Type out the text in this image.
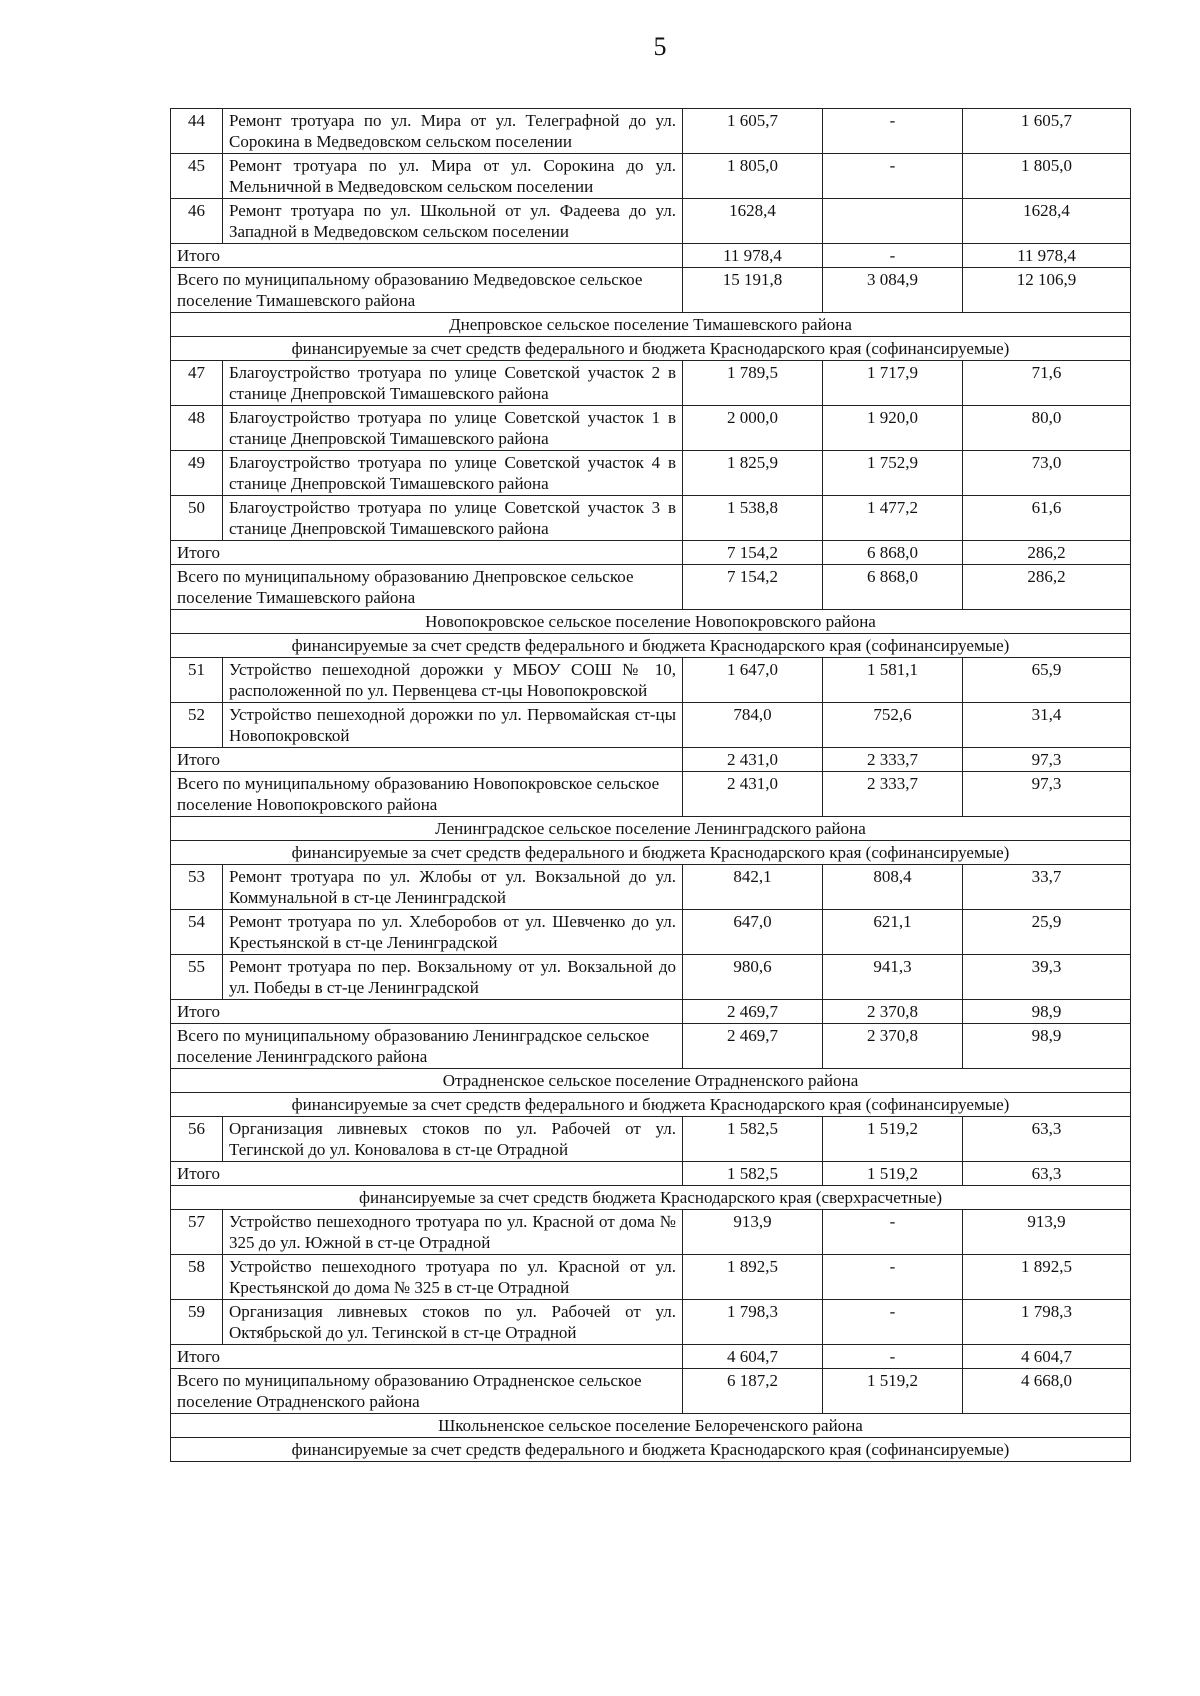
5
44	Ремонт тротуара по ул. Мира от ул. Телеграфной до ул. Сорокина в Медведовском сельском поселении	1 605,7	-	1 605,7
45	Ремонт тротуара по ул. Мира от ул. Сорокина до ул. Мельничной в Медведовском сельском поселении	1 805,0	-	1 805,0
46	Ремонт тротуара по ул. Школьной от ул. Фадеева до ул. Западной в Медведовском сельском поселении	1628,4		1628,4
Итого		11 978,4	-	11 978,4
Всего по муниципальному образованию Медведовское сельское поселение Тимашевского района		15 191,8	3 084,9	12 106,9
Днепровское сельское поселение Тимашевского района				
финансируемые за счет средств федерального и бюджета Краснодарского края (софинансируемые)				
47	Благоустройство тротуара по улице Советской участок 2 в станице Днепровской Тимашевского района	1 789,5	1 717,9	71,6
48	Благоустройство тротуара по улице Советской участок 1 в станице Днепровской Тимашевского района	2 000,0	1 920,0	80,0
49	Благоустройство тротуара по улице Советской участок 4 в станице Днепровской Тимашевского района	1 825,9	1 752,9	73,0
50	Благоустройство тротуара по улице Советской участок 3 в станице Днепровской Тимашевского района	1 538,8	1 477,2	61,6
Итого		7 154,2	6 868,0	286,2
Всего по муниципальному образованию Днепровское сельское поселение Тимашевского района		7 154,2	6 868,0	286,2
Новопокровское сельское поселение Новопокровского района				
финансируемые за счет средств федерального и бюджета Краснодарского края (софинансируемые)				
51	Устройство пешеходной дорожки у МБОУ СОШ № 10, расположенной по ул. Первенцева ст-цы Новопокровской	1 647,0	1 581,1	65,9
52	Устройство пешеходной дорожки по ул. Первомайская ст-цы Новопокровской	784,0	752,6	31,4
Итого		2 431,0	2 333,7	97,3
Всего по муниципальному образованию Новопокровское сельское поселение Новопокровского района		2 431,0	2 333,7	97,3
Ленинградское сельское поселение Ленинградского района				
финансируемые за счет средств федерального и бюджета Краснодарского края (софинансируемые)				
53	Ремонт тротуара по ул. Жлобы от ул. Вокзальной до ул. Коммунальной в ст-це Ленинградской	842,1	808,4	33,7
54	Ремонт тротуара по ул. Хлеборобов от ул. Шевченко до ул. Крестьянской в ст-це Ленинградской	647,0	621,1	25,9
55	Ремонт тротуара по пер. Вокзальному от ул. Вокзальной до ул. Победы в ст-це Ленинградской	980,6	941,3	39,3
Итого		2 469,7	2 370,8	98,9
Всего по муниципальному образованию Ленинградское сельское поселение Ленинградского района		2 469,7	2 370,8	98,9
Отрадненское сельское поселение Отрадненского района				
финансируемые за счет средств федерального и бюджета Краснодарского края (софинансируемые)				
56	Организация ливневых стоков по ул. Рабочей от ул. Тегинской до ул. Коновалова в ст-це Отрадной	1 582,5	1 519,2	63,3
Итого		1 582,5	1 519,2	63,3
финансируемые за счет средств бюджета Краснодарского края (сверхрасчетные)				
57	Устройство пешеходного тротуара по ул. Красной от дома № 325 до ул. Южной в ст-це Отрадной	913,9	-	913,9
58	Устройство пешеходного тротуара по ул. Красной от ул. Крестьянской до дома № 325 в ст-це Отрадной	1 892,5	-	1 892,5
59	Организация ливневых стоков по ул. Рабочей от ул. Октябрьской до ул. Тегинской в ст-це Отрадной	1 798,3	-	1 798,3
Итого		4 604,7	-	4 604,7
Всего по муниципальному образованию Отрадненское сельское поселение Отрадненского района		6 187,2	1 519,2	4 668,0
Школьненское сельское поселение Белореченского района				
финансируемые за счет средств федерального и бюджета Краснодарского края (софинансируемые)				
